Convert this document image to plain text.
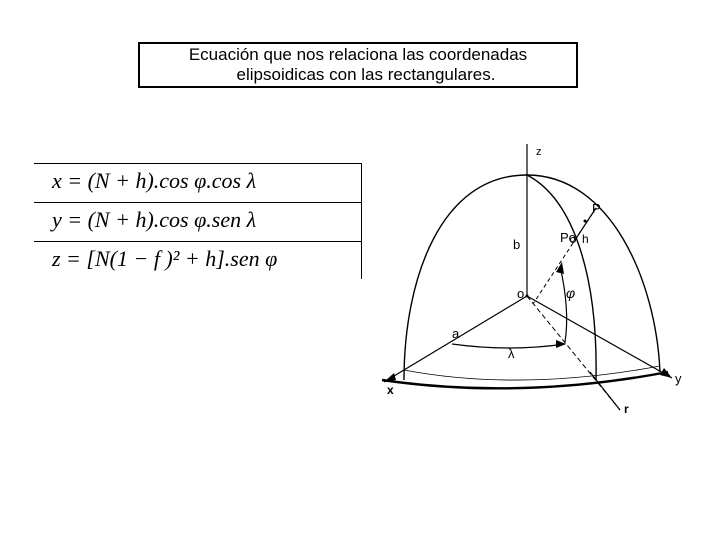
Ecuación que nos relaciona las coordenadas
elipsoidicas con las rectangulares.
x = (N + h).cos φ.cos λ
y = (N + h).cos φ.sen λ
z = [N(1 − f )² + h].sen φ
z
P
Po h
b
o	φ
a
λ
x
y
r
